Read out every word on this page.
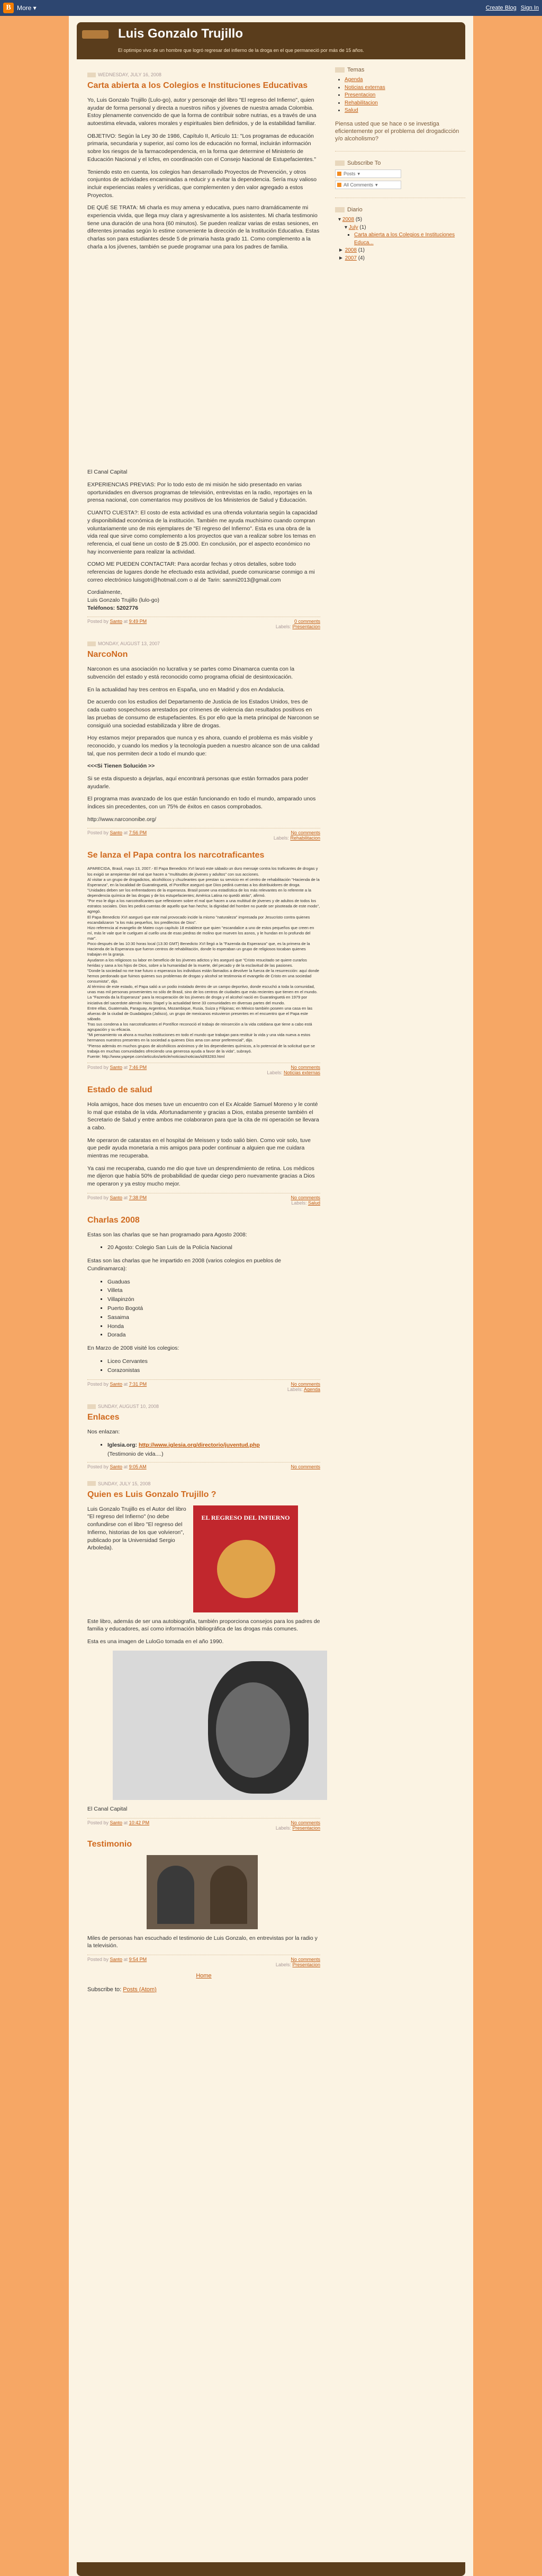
B More ▾	Create Blog Sign In
Luis Gonzalo Trujillo
El optimipo vivo de un hombre que logró regresar del infierno de la droga en el que permaneció por más de 15 años.
WEDNESDAY, JULY 16, 2008
Carta abierta a los Colegios e Instituciones Educativas

Yo, Luis Gonzalo Trujillo (Lulo-go), autor y personaje del libro "El regreso del Infierno", quien ayudar de forma personal y directa a nuestros niños y jóvenes de nuestra amada Colombia. Estoy plenamente convencido de que la forma de contribuir sobre nutrias, es a través de una autoestima elevada, valores morales y espirituales bien definidos, y de la estabilidad familiar.

OBJETIVO: Según la Ley 30 de 1986, Capítulo II, Artículo 11: "Los programas de educación primaria, secundaria y superior, así como los de educación no formal, incluirán información sobre los riesgos de la farmacodependencia, en la forma que determine el Ministerio de Educación Nacional y el Icfes, en coordinación con el Consejo Nacional de Estupefacientes."

Teniendo esto en cuenta, los colegios han desarrollado Proyectos de Prevención, y otros conjuntos de actividades encaminadas a reducir y a evitar la dependencia. Sería muy valioso incluir experiencias reales y verídicas, que complementen y den valor agregado a estos Proyectos.

DE QUÉ SE TRATA: Mi charla es muy amena y educativa, pues narro dramáticamente mi experiencia vivida, que llega muy clara y agresivamente a los asistentes. Mi charla testimonio tiene una duración de una hora (60 minutos). Se pueden realizar varias de estas sesiones, en diferentes jornadas según lo estime conveniente la dirección de la Institución Educativa. Estas charlas son para estudiantes desde 5 de primaria hasta grado 11. Como complemento a la charla a los jóvenes, también se puede programar una para los padres de familia.

El Canal Capital

EXPERIENCIAS PREVIAS: Por lo todo esto de mi misión he sido presentado en varias oportunidades en diversos programas de televisión, entrevistas en la radio, reportajes en la prensa nacional, con comentarios muy positivos de los Ministerios de Salud y Educación.

CUANTO CUESTA?: El costo de esta actividad es una ofrenda voluntaria según la capacidad y disponibilidad económica de la institución. También me ayuda muchísimo cuando compran voluntariamente uno de mis ejemplares de "El regreso del Infierno". Esta es una obra de la vida real que sirve como complemento a los proyectos que van a realizar sobre los temas en referencia, el cual tiene un costo de $ 25.000. En conclusión, por el aspecto económico no hay inconveniente para realizar la actividad.

COMO ME PUEDEN CONTACTAR: Para acordar fechas y otros detalles, sobre todo referencias de lugares donde he efectuado esta actividad, puede comunicarse conmigo a mi correo electrónico luisgotri@hotmail.com o al de Tarin: sanmi2013@gmail.com

Cordialmente,

Luis Gonzalo Trujillo (lulo-go)

Teléfonos: 5202776

Posted by Santo at 9:49 PM	0 comments
Labels: Presentacion
MONDAY, AUGUST 13, 2007
NarcoNon

Narconon es una asociación no lucrativa y se partes como Dinamarca cuenta con la subvención del estado y está reconocido como programa oficial de desintoxicación.

En la actualidad hay tres centros en España, uno en Madrid y dos en Andalucía.

De acuerdo con los estudios del Departamento de Justicia de los Estados Unidos, tres de cada cuatro sospechosos arrestados por crímenes de violencia dan resultados positivos en las pruebas de consumo de estupefacientes. Es por ello que la meta principal de Narconon se consiguió una sociedad estabilizada y libre de drogas.

Hoy estamos mejor preparados que nunca y es ahora, cuando el problema es más visible y reconocido, y cuando los medios y la tecnología pueden a nuestro alcance son de una calidad tal, que nos permiten decir a todo el mundo que:

<<<Si Tienen Solución >>

Si se esta dispuesto a dejarlas, aquí encontrará personas que están formados para poder ayudarle.

El programa mas avanzado de los que están funcionando en todo el mundo, amparado unos índices sin precedentes, con un 75% de éxitos en casos comprobados.

http://www.narcononibe.org/

Posted by Santo at 7:56 PM	No comments
Labels: Rehabilitacion
Se lanza el Papa contra los narcotraficantes

APARECIDA, Brasil, mayo 13, 2007.- El Papa Benedicto XVI lanzó este sábado un duro mensaje contra los traficantes de drogas y los exigió se arrepientan del mal que hacen a "multitudes de jóvenes y adultos" con sus acciones.

Al visitar a un grupo de drogadictos, alcohólicos y chuzleantes que prestan su servicio en el centro de rehabilitación "Hacienda de la Esperanza", en la localidad de Guaratinguetá, el Pontífice aseguró que Dios pedirá cuentas a los distribuidores de droga.

"Unidades deben ser los enfrentadores de la esperanza. Brasil posee una estadística de los más relevantes en lo referente a la dependencia química de las drogas y de los estupefacientes; América Latina no quedó atrás", afirmó.

"Por eso le digo a los narcotraficantes que reflexionen sobre el mal que hacen a una multitud de jóvenes y de adultos de todos los estratos sociales. Dios les pedirá cuentas de aquello que han hecho; la dignidad del hombre no puede ser pisoteada de este modo", agregó.

El Papa Benedicto XVI aseguró que este mal provocado incide la mismo "naturaleza" impresada por Jesucristo contra quienes escandalizaron "a los más pequeños, los predilectos de Dios".

Hizo referencia al evangelio de Mateo cuyo capítulo 18 establece que quien "escandalice a uno de estos pequeños que creen en mí, más le vale que le cuelguen al cuello una de esas piedras de molino que mueven los asnos, y le hundan en lo profundo del mar".

Poco después de las 10:30 horas local (13:30 GMT) Benedicto XVI llegó a la "Fazenda da Esperanza" que, es la primera de la Hacienda de la Esperanza que fueron centros de rehabilitación, donde lo esperaban un grupo de religiosos tocaban quienes trabajan en la granja.

Ayudaron a los religiosos su labor en beneficio de los jóvenes adictos y les aseguró que "Cristo resucitado se quiere curarlos heridas y sana a los hijos de Dios, sobre a la humanidad de la muerte, del pecado y de la esclavitud de las pasiones.

"Donde la sociedad no me trae futuro o esperanza los individuos están llamados a devolver la fuerza de la resurrección: aquí donde hemos perdonado que fuimos quienes sus problemas de drogas y alcohol se testimonia el evangelio de Cristo en una sociedad consumista", dijo.

Al término de este estado, el Papa salió a un podio instalado dentro de un campo deportivo, donde escuchó a toda la comunidad, unas mas mil personas provenientes no sólo de Brasil, sino de los centros de ciudades que más recientes que tienen en el mundo.

La "Fazenda da la Esperanza" para la recuperación de los jóvenes de droga y el alcohol nació en Guaratinguetá en 1979 por iniciativa del sacerdote alemán Hans Stapel y la actualidad tiene 33 comunidades en diversas partes del mundo.

Entre ellas, Guatemala, Paraguay, Argentina, Mozambique, Rusia, Suiza y Filipinas; en México también poseen una casa en las afueras de la ciudad de Guadalajara (Jalisco), un grupo de mexicanos estuvieron presentes en el encuentro que el Papa este sábado.

Tras sus condena a los narcotraficantes el Pontífice reconoció el trabajo de reinserción a la vida cotidiana que tiene a cabo está agrupación y su eficacia.

"Mi pensamiento va ahora a muchas instituciones en todo el mundo que trabajan para restituir la vida y una vida nueva a estos hermanos nuestros presentes en la sociedad a quienes Dios ama con amor preferencial", dijo.

"Pienso además en muchos grupos de alcohólicos anónimos y de los dependientes químicos, a lo potencial de la solicitud que se trabaja en muchas comunidades ofreciendo una generosa ayuda a favor de la vida", subrayó.

Fuente: http://www.yapepe.com/articulos/article/noticias/noticias/id/83283.html

Posted by Santo at 7:46 PM	No comments
Labels: Noticias externas
Estado de salud

Hola amigos, hace dos meses tuve un encuentro con el Ex Alcalde Samuel Moreno y le conté lo mal que estaba de la vida. Afortunadamente y gracias a Dios, estaba presente también el Secretario de Salud y entre ambos me colaboraron para que la cita de mi operación se llevara a cabo.

Me operaron de cataratas en el hospital de Meissen y todo salió bien. Como voir solo, tuve que pedir ayuda monetaria a mis amigos para poder continuar a alguien que me cuidara mientras me recuperaba.

Ya casi me recuperaba, cuando me dio que tuve un desprendimiento de retina. Los médicos me dijeron que había 50% de probabilidad de quedar ciego pero nuevamente gracias a Dios me operaron y ya estoy mucho mejor.

Posted by Santo at 7:38 PM	No comments
Labels: Salud
Charlas 2008

Estas son las charlas que se han programado para Agosto 2008:

▪ 20 Agosto: Colegio San Luis de la Policía Nacional

Estas son las charlas que he impartido en 2008 (varios colegios en pueblos de Cundinamarca):

▪ Guaduas
▪ Villeta
▪ Villapinzón
▪ Puerto Bogotá
▪ Sasaima
▪ Honda
▪ Dorada

En Marzo de 2008 visité los colegios:

▪ Liceo Cervantes
▪ Corazonistas
Posted by Santo at 7:31 PM	No comments
Labels: Agenda
SUNDAY, AUGUST 10, 2008
Enlaces

Nos enlazan:

▪ Iglesia.org: http://www.iglesia.org/directorio/juventud.php
(Testimonio de vida....)
Posted by Santo at 9:05 AM	No comments
SUNDAY, JULY 15, 2008
Quien es Luis Gonzalo Trujillo ?

Luis Gonzalo Trujillo es el Autor del libro "El regreso del Infierno" (no debe confundirse con el libro "El regreso del Infierno, historias de los que volvieron", publicado por la Universidad Sergio Arboleda).

EL REGRESO DEL INFIERNO

Este libro, además de ser una autobiografía, también proporciona consejos para los padres de familia y educadores, así como información bibliográfica de las drogas más comunes.

Esta es una imagen de LuloGo tomada en el año 1990.

El Canal Capital

Posted by Santo at 10:42 PM	No comments
Labels: Presentacion
Testimonio

Miles de personas han escuchado el testimonio de Luis Gonzalo, en entrevistas por la radio y la televisión.

Posted by Santo at 9:54 PM	No comments
Labels: Presentacion
Home
Subscribe to: Posts (Atom)
Temas
• Agenda
• Noticias externas
• Presentacion
• Rehabilitacion
• Salud
Piensa usted que se hace o se investiga eficientemente por el problema del drogadicción y/o alcoholismo?
Subscribe To
Posts ▾
All Comments ▾
Diario
▾ 2008 (5)
▾ July (1)
▪ Carta abierta a los Colegios e Instituciones Educa...
► 2008 (1)
► 2007 (4)
